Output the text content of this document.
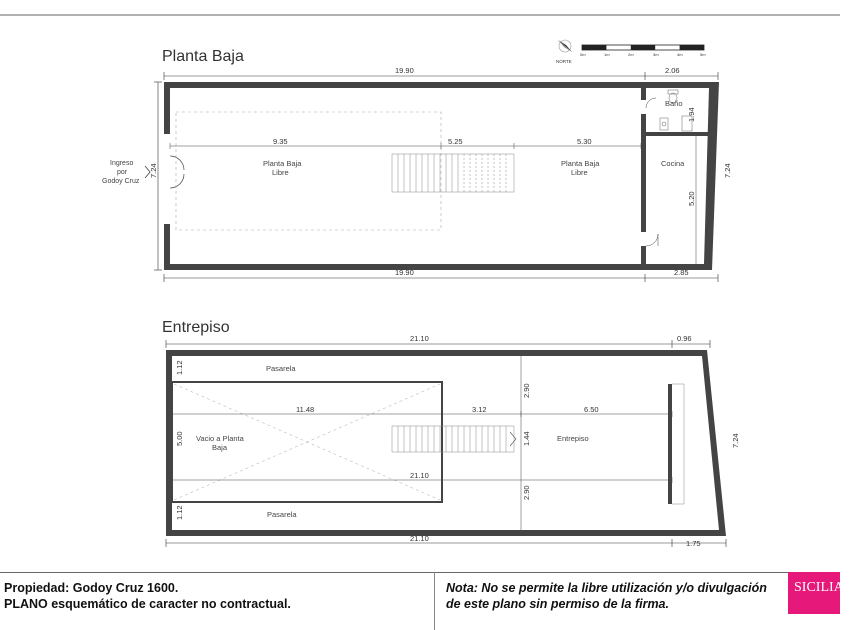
Planta Baja	NORTE
0m	1m	2m	3m	4m	5m
19.90	2.06
Ingreso
por
Godoy Cruz
7.24	7.24
9.35	5.25	5.30
Planta Baja
Libre
Planta Baja
Libre
Baño
1.94
Cocina
5.20
19.90	2.85
Entrepiso
21.10	0.96
Pasarela
Pasarela
Vacio a Planta
Baja
Entrepiso
11.48	3.12	6.50
21.10
2.90
1.44
2.90
1.12
5.00
1.12
7.24
21.10
1.75
Propiedad: Godoy Cruz 1600.
PLANO esquemático de caracter no contractual.
Nota: No se permite la libre utilización y/o divulgación
de este plano sin permiso de la firma.
SICILIANO
